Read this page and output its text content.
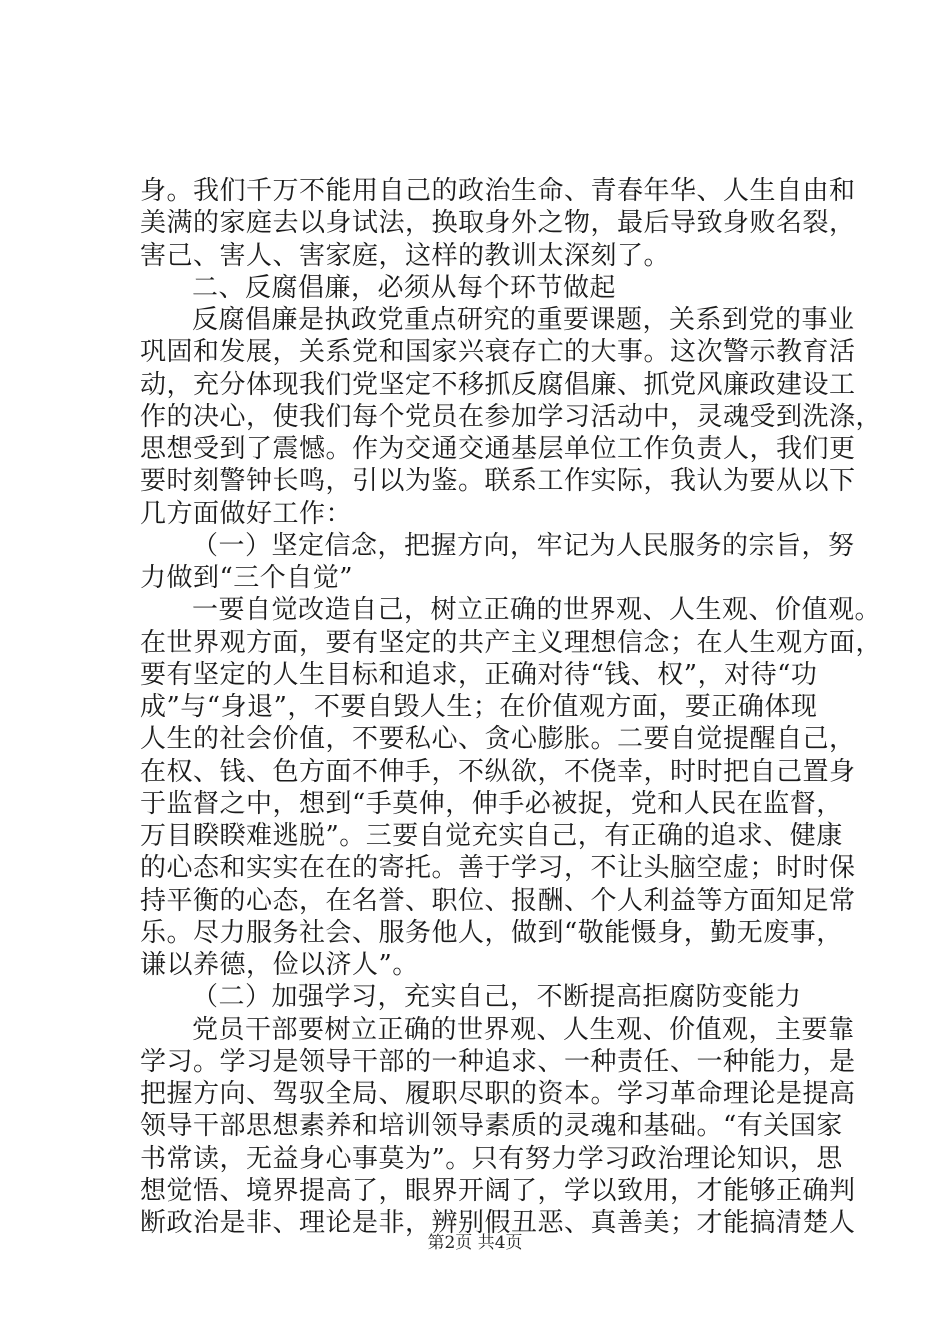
身。我们千万不能用自己的政治生命、青春年华、人生自由和
美满的家庭去以身试法，换取身外之物，最后导致身败名裂，
害己、害人、害家庭，这样的教训太深刻了。
二、反腐倡廉，必须从每个环节做起
反腐倡廉是执政党重点研究的重要课题，关系到党的事业
巩固和发展，关系党和国家兴衰存亡的大事。这次警示教育活
动，充分体现我们党坚定不移抓反腐倡廉、抓党风廉政建设工
作的决心，使我们每个党员在参加学习活动中，灵魂受到洗涤，
思想受到了震憾。作为交通交通基层单位工作负责人，我们更
要时刻警钟长鸣，引以为鉴。联系工作实际，我认为要从以下
几方面做好工作：
（一）坚定信念，把握方向，牢记为人民服务的宗旨，努
力做到“三个自觉”
一要自觉改造自己，树立正确的世界观、人生观、价值观。
在世界观方面，要有坚定的共产主义理想信念；在人生观方面，
要有坚定的人生目标和追求，正确对待“钱、权”，对待“功
成”与“身退”，不要自毁人生；在价值观方面，要正确体现
人生的社会价值，不要私心、贪心膨胀。二要自觉提醒自己，
在权、钱、色方面不伸手，不纵欲，不侥幸，时时把自己置身
于监督之中，想到“手莫伸，伸手必被捉，党和人民在监督，
万目睽睽难逃脱”。三要自觉充实自己，有正确的追求、健康
的心态和实实在在的寄托。善于学习，不让头脑空虚；时时保
持平衡的心态，在名誉、职位、报酬、个人利益等方面知足常
乐。尽力服务社会、服务他人，做到“敬能慑身，勤无废事，
谦以养德，俭以济人”。
（二）加强学习，充实自己，不断提高拒腐防变能力
党员干部要树立正确的世界观、人生观、价值观，主要靠
学习。学习是领导干部的一种追求、一种责任、一种能力，是
把握方向、驾驭全局、履职尽职的资本。学习革命理论是提高
领导干部思想素养和培训领导素质的灵魂和基础。“有关国家
书常读，无益身心事莫为”。只有努力学习政治理论知识，思
想觉悟、境界提高了，眼界开阔了，学以致用，才能够正确判
断政治是非、理论是非，辨别假丑恶、真善美；才能搞清楚人
第2页 共4页
